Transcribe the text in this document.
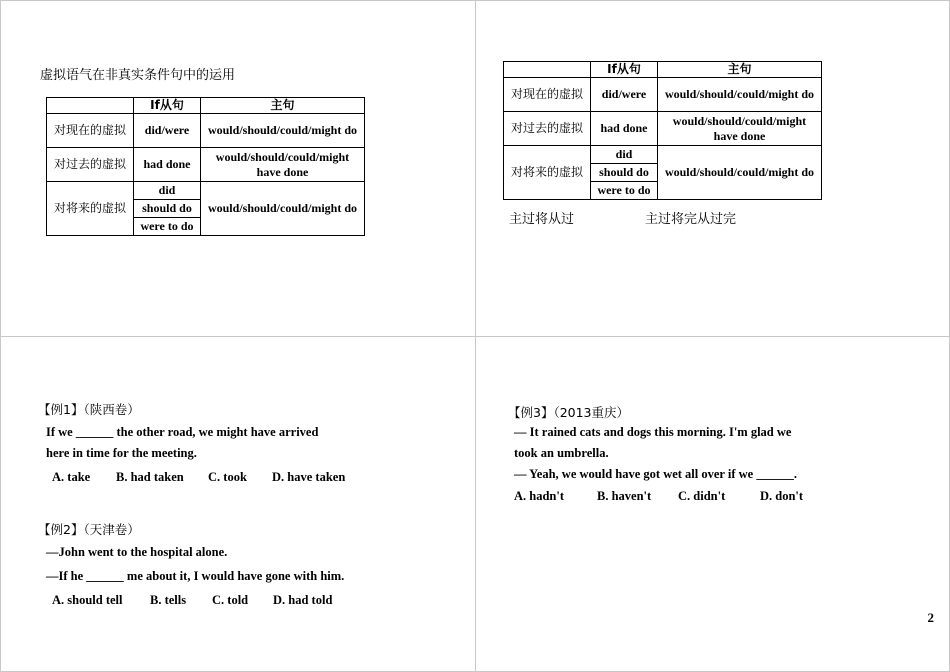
虚拟语气在非真实条件句中的运用
	If从句	主句
对现在的虚拟	did/were	would/should/could/might do
对过去的虚拟	had done	would/should/could/might have done
对将来的虚拟	did	would/should/could/might do
	should do	
	were to do	
	If从句	主句
对现在的虚拟	did/were	would/should/could/might do
对过去的虚拟	had done	would/should/could/might have done
对将来的虚拟	did	would/should/could/might do
	should do	
	were to do	
主过将从过	主过将完从过完
【例1】（陕西卷）
If we ______ the other road, we might have arrived
here in time for the meeting.
A. take B. had taken C. took D. have taken
【例2】（天津卷）
—John went to the hospital alone.
—If he ______ me about it, I would have gone with him.
A. should tell B. tells C. told D. had told
【例3】（2013重庆）
— It rained cats and dogs this morning. I'm glad we
took an umbrella.
— Yeah, we would have got wet all over if we ______.
A. hadn't	B. haven't C. didn't	D. don't
2
